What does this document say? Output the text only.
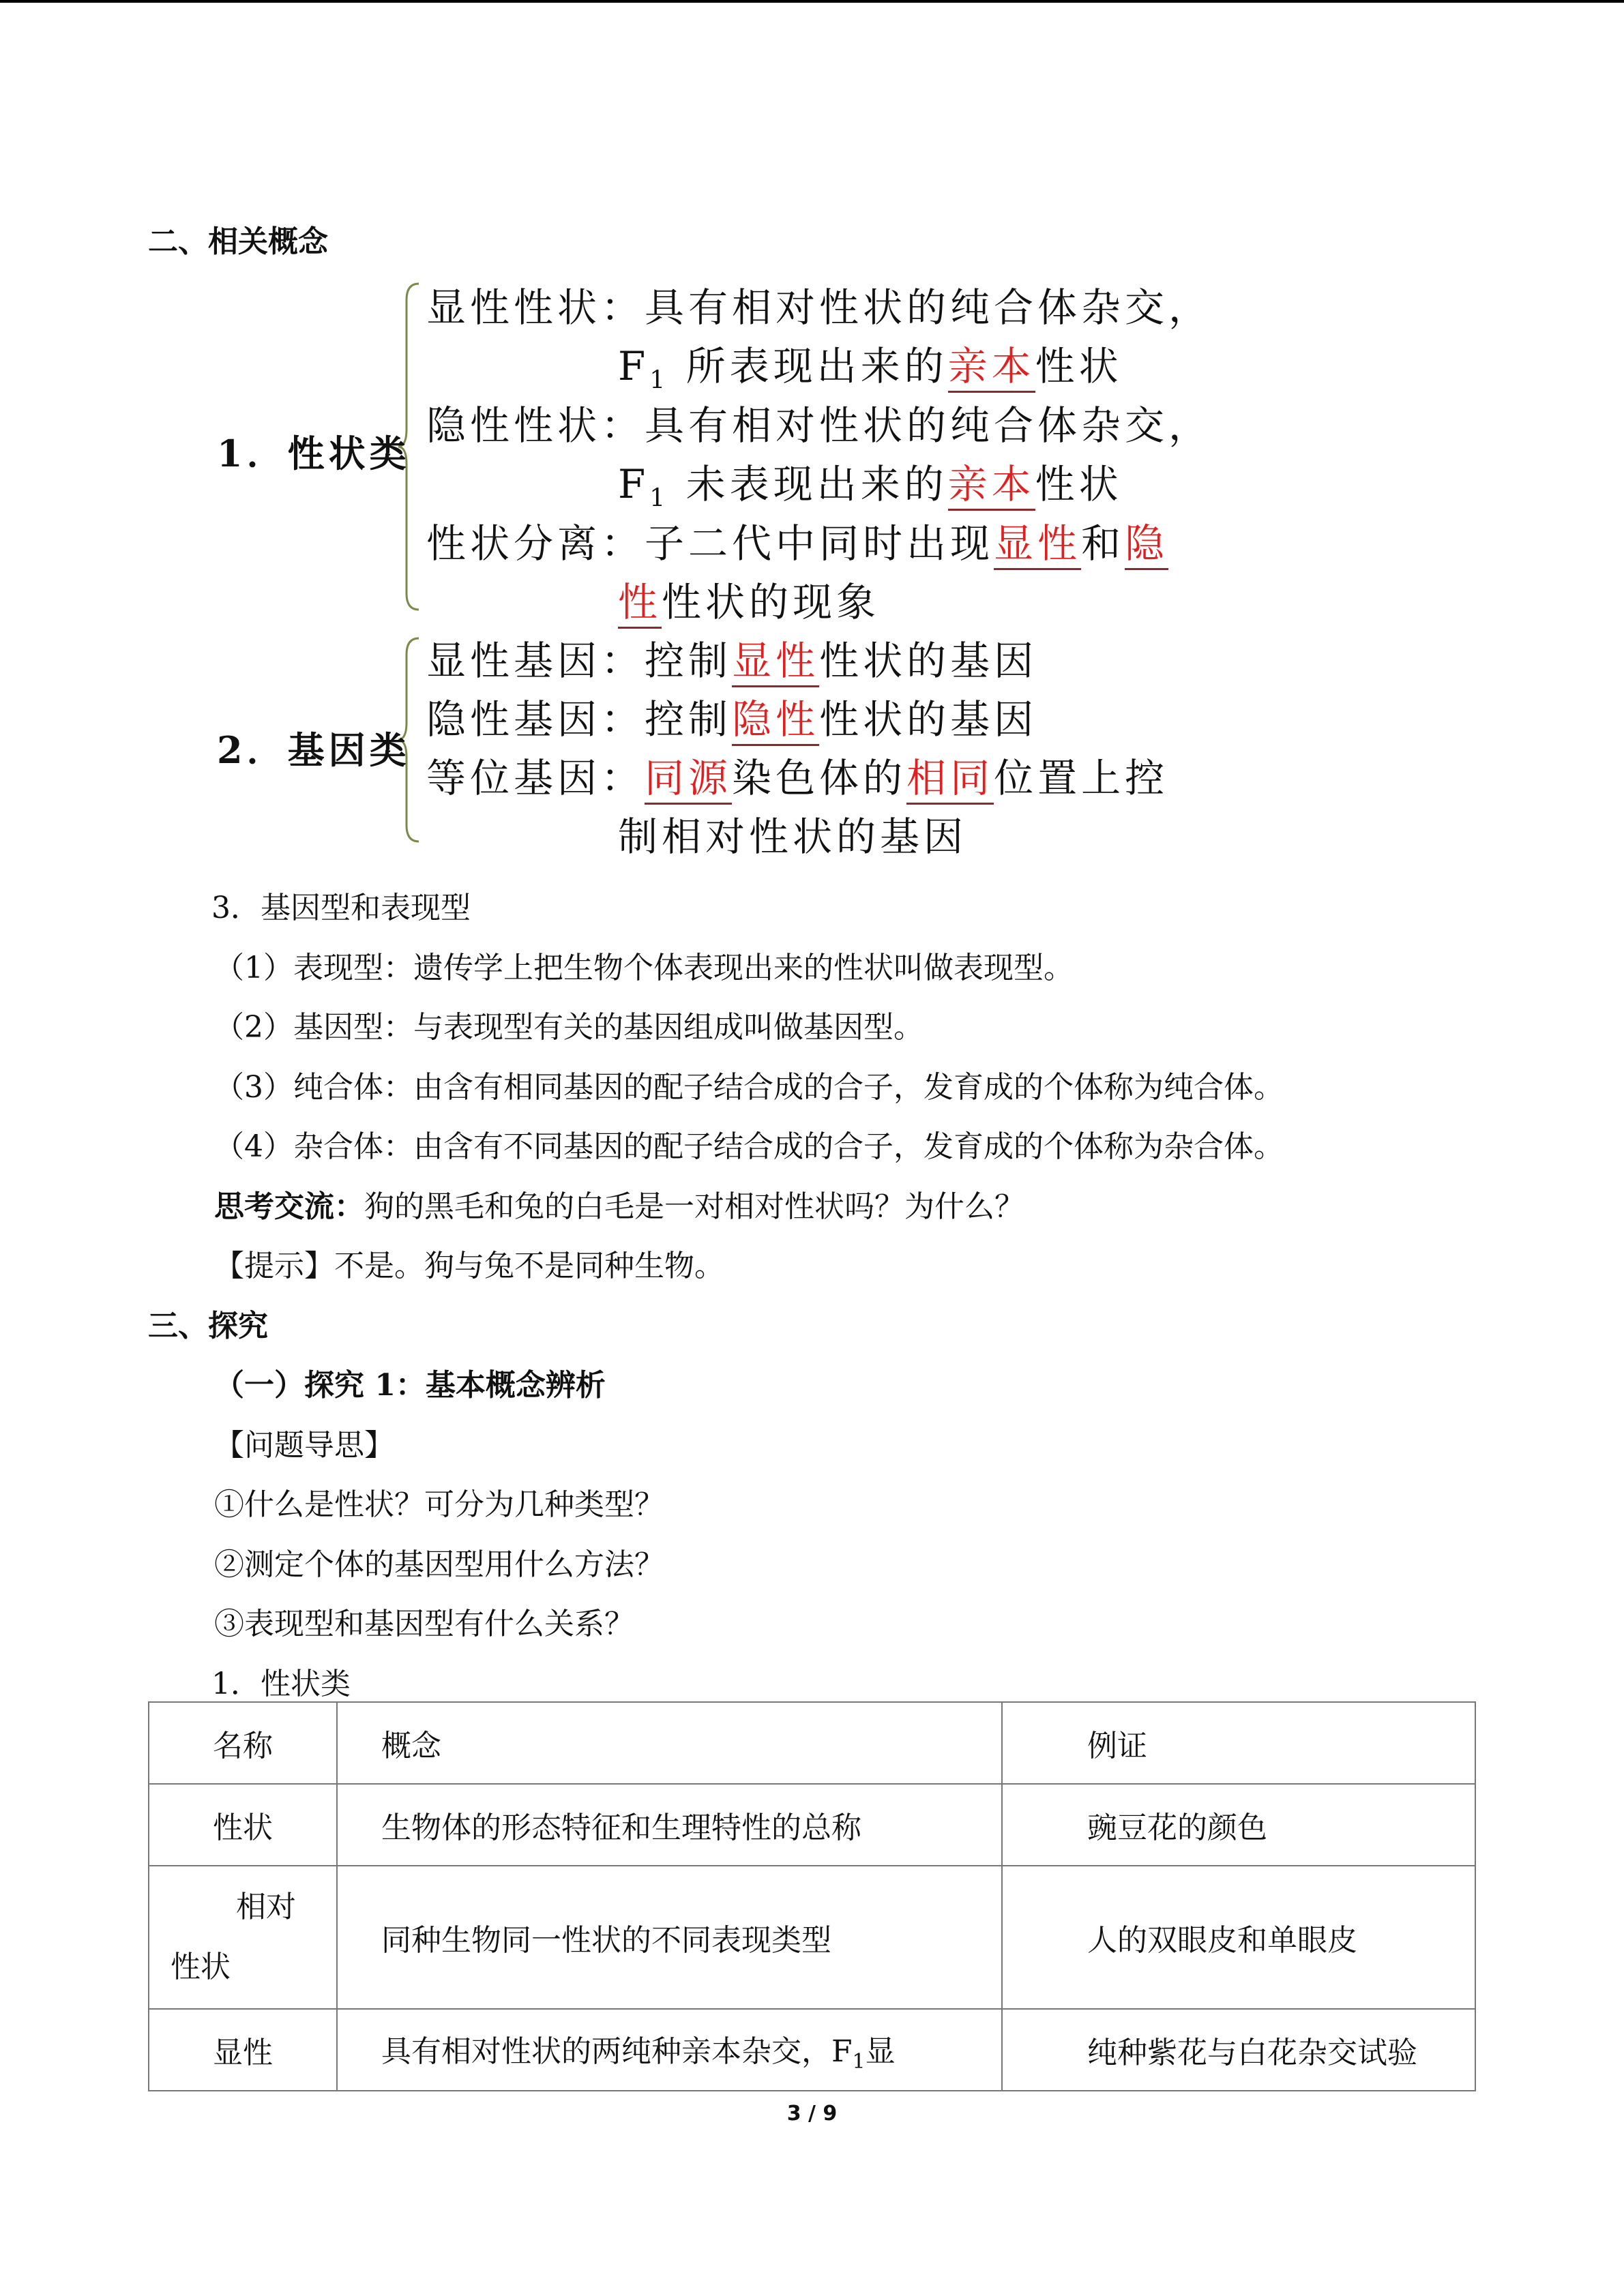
二、相关概念
1．性状类
显性性状：具有相对性状的纯合体杂交，
$F_1$ 所表现出来的亲本性状
隐性性状：具有相对性状的纯合体杂交，
$F_1$ 未表现出来的亲本性状
性状分离：子二代中同时出现显性和隐
性性状的现象
2．基因类
显性基因：控制显性性状的基因
隐性基因：控制隐性性状的基因
等位基因：同源染色体的相同位置上控
制相对性状的基因
3．基因型和表现型
（1）表现型：遗传学上把生物个体表现出来的性状叫做表现型。
（2）基因型：与表现型有关的基因组成叫做基因型。
（3）纯合体：由含有相同基因的配子结合成的合子，发育成的个体称为纯合体。
（4）杂合体：由含有不同基因的配子结合成的合子，发育成的个体称为杂合体。
思考交流：狗的黑毛和兔的白毛是一对相对性状吗？为什么？
【提示】不是。狗与兔不是同种生物。
三、探究
（一）探究 1：基本概念辨析
【问题导思】
①什么是性状？可分为几种类型？
②测定个体的基因型用什么方法？
③表现型和基因型有什么关系？
1．性状类
名称	概念	例证

性状	生物体的形态特征和生理特性的总称	豌豆花的颜色

相对
性状	同种生物同一性状的不同表现类型	人的双眼皮和单眼皮

显性	具有相对性状的两纯种亲本杂交，$F_1$显	纯种紫花与白花杂交试验
3 / 9
